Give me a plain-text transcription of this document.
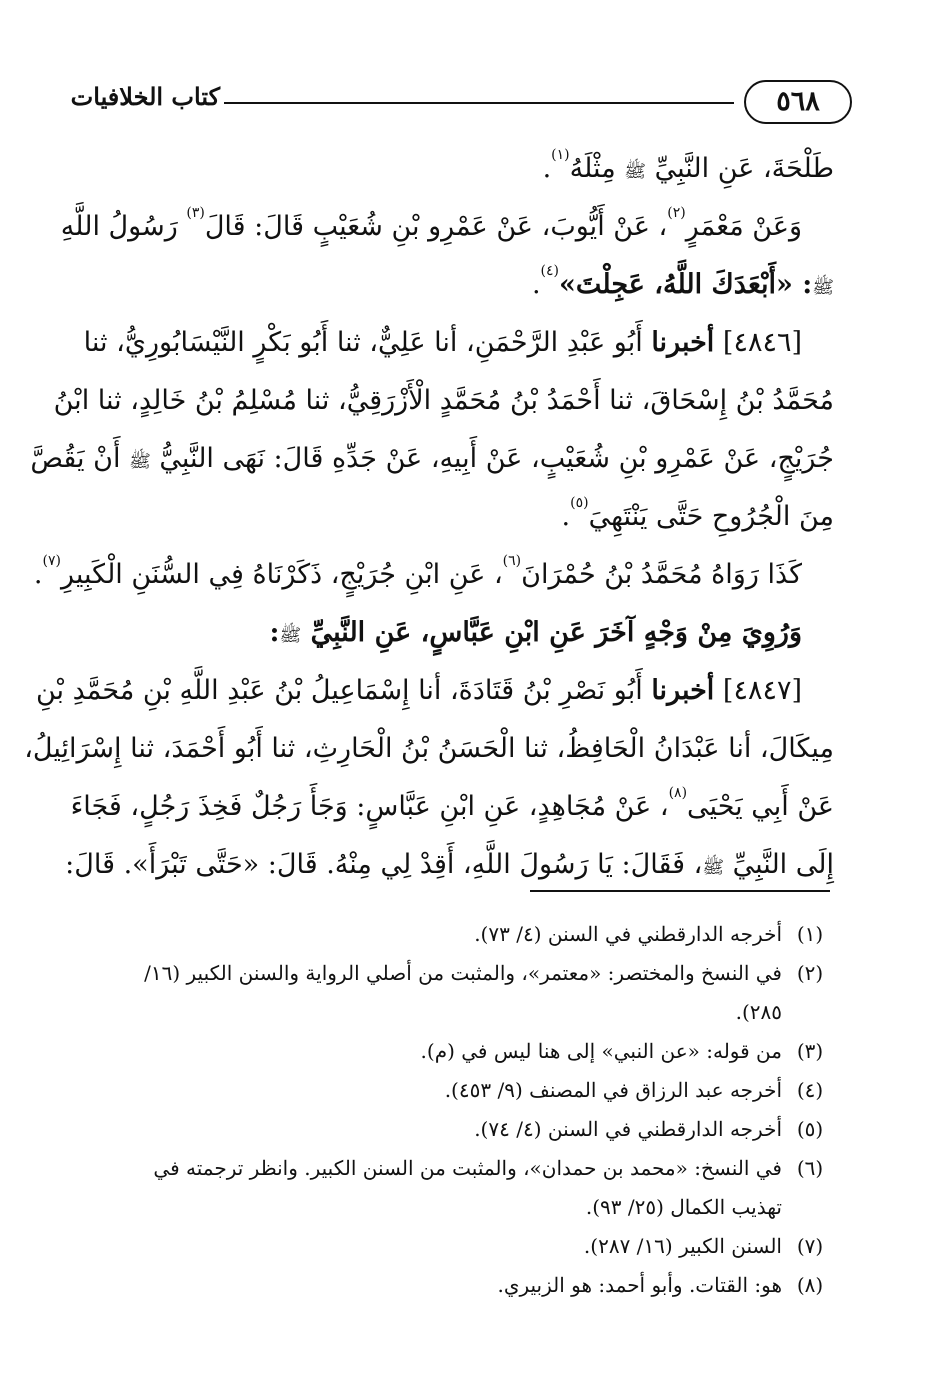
٥٦٨
كتاب الخلافيات
طَلْحَةَ، عَنِ النَّبِيِّ ﷺ مِثْلَهُ$^{(١)}$.
وَعَنْ مَعْمَرٍ$^{(٢)}$، عَنْ أَيُّوبَ، عَنْ عَمْرِو بْنِ شُعَيْبٍ قَالَ: قَالَ$^{(٣)}$ رَسُولُ اللَّهِ
ﷺ: «أَبْعَدَكَ اللَّهُ، عَجِلْتَ»$^{(٤)}$.
[٤٨٤٦] أخبرنا أَبُو عَبْدِ الرَّحْمَنِ، أنا عَلِيٌّ، ثنا أَبُو بَكْرٍ النَّيْسَابُورِيُّ، ثنا
مُحَمَّدُ بْنُ إِسْحَاقَ، ثنا أَحْمَدُ بْنُ مُحَمَّدٍ الْأَزْرَقِيُّ، ثنا مُسْلِمُ بْنُ خَالِدٍ، ثنا ابْنُ
جُرَيْجٍ، عَنْ عَمْرِو بْنِ شُعَيْبٍ، عَنْ أَبِيهِ، عَنْ جَدِّهِ قَالَ: نَهَى النَّبِيُّ ﷺ أَنْ يَقُصَّ
مِنَ الْجُرُوحِ حَتَّى يَنْتَهِيَ$^{(٥)}$.
كَذَا رَوَاهُ مُحَمَّدُ بْنُ حُمْرَانَ$^{(٦)}$، عَنِ ابْنِ جُرَيْجٍ، ذَكَرْنَاهُ فِي السُّنَنِ الْكَبِيرِ$^{(٧)}$.
وَرُوِيَ مِنْ وَجْهٍ آخَرَ عَنِ ابْنِ عَبَّاسٍ، عَنِ النَّبِيِّ ﷺ:
[٤٨٤٧] أخبرنا أَبُو نَصْرِ بْنُ قَتَادَةَ، أنا إِسْمَاعِيلُ بْنُ عَبْدِ اللَّهِ بْنِ مُحَمَّدِ بْنِ
مِيكَالَ، أنا عَبْدَانُ الْحَافِظُ، ثنا الْحَسَنُ بْنُ الْحَارِثِ، ثنا أَبُو أَحْمَدَ، ثنا إِسْرَائِيلُ،
عَنْ أَبِي يَحْيَى$^{(٨)}$، عَنْ مُجَاهِدٍ، عَنِ ابْنِ عَبَّاسٍ: وَجَأَ رَجُلٌ فَخِذَ رَجُلٍ، فَجَاءَ
إِلَى النَّبِيِّ ﷺ، فَقَالَ: يَا رَسُولَ اللَّهِ، أَقِدْ لِي مِنْهُ. قَالَ: «حَتَّى تَبْرَأَ». قَالَ:
(١)
أخرجه الدارقطني في السنن (٤/ ٧٣).
(٢)
في النسخ والمختصر: «معتمر»، والمثبت من أصلي الرواية والسنن الكبير (١٦/ ٢٨٥).
(٣)
من قوله: «عن النبي» إلى هنا ليس في (م).
(٤)
أخرجه عبد الرزاق في المصنف (٩/ ٤٥٣).
(٥)
أخرجه الدارقطني في السنن (٤/ ٧٤).
(٦)
في النسخ: «محمد بن حمدان»، والمثبت من السنن الكبير. وانظر ترجمته في تهذيب الكمال (٢٥/ ٩٣).
(٧)
السنن الكبير (١٦/ ٢٨٧).
(٨)
هو: القتات. وأبو أحمد: هو الزبيري.
